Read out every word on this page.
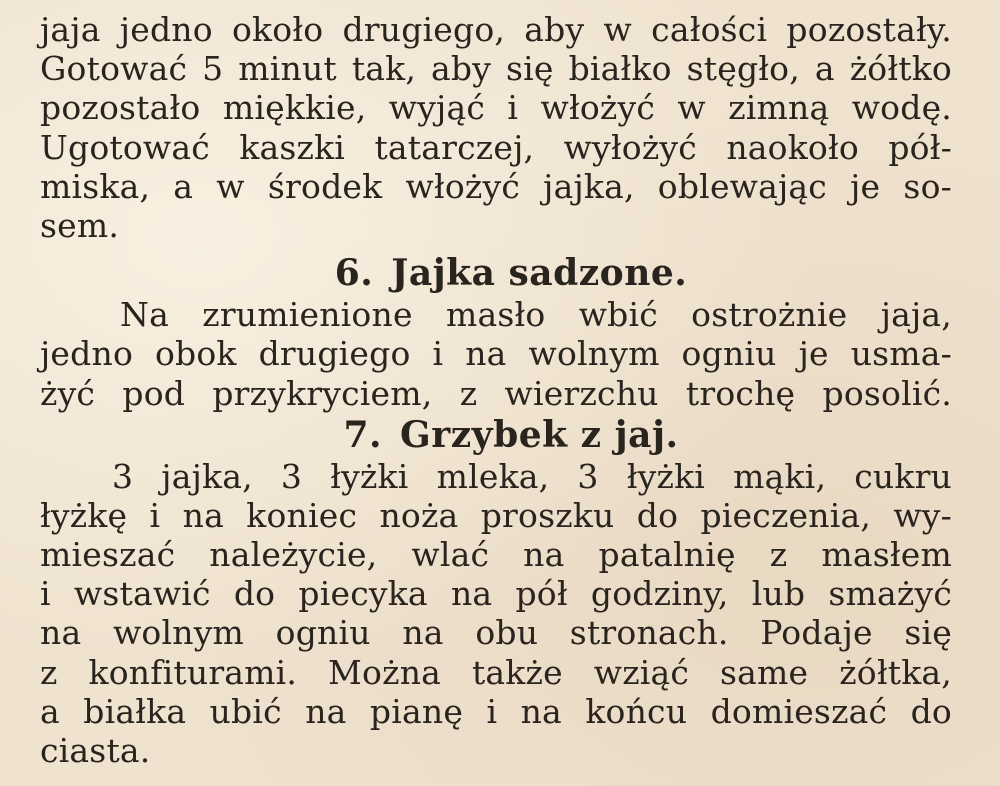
jaja jedno około drugiego, aby w całości pozostały.
Gotować 5 minut tak, aby się białko stęgło, a żółtko
pozostało miękkie, wyjąć i włożyć w zimną wodę.
Ugotować kaszki tatarczej, wyłożyć naokoło pół-
miska, a w środek włożyć jajka, oblewając je so-
sem.
6. Jajka sadzone.
Na zrumienione masło wbić ostrożnie jaja,
jedno obok drugiego i na wolnym ogniu je usma-
żyć pod przykryciem, z wierzchu trochę posolić.
7. Grzybek z jaj.
3 jajka, 3 łyżki mleka, 3 łyżki mąki, cukru
łyżkę i na koniec noża proszku do pieczenia, wy-
mieszać należycie, wlać na patalnię z masłem
i wstawić do piecyka na pół godziny, lub smażyć
na wolnym ogniu na obu stronach. Podaje się
z konfiturami. Można także wziąć same żółtka,
a białka ubić na pianę i na końcu domieszać do
ciasta.
